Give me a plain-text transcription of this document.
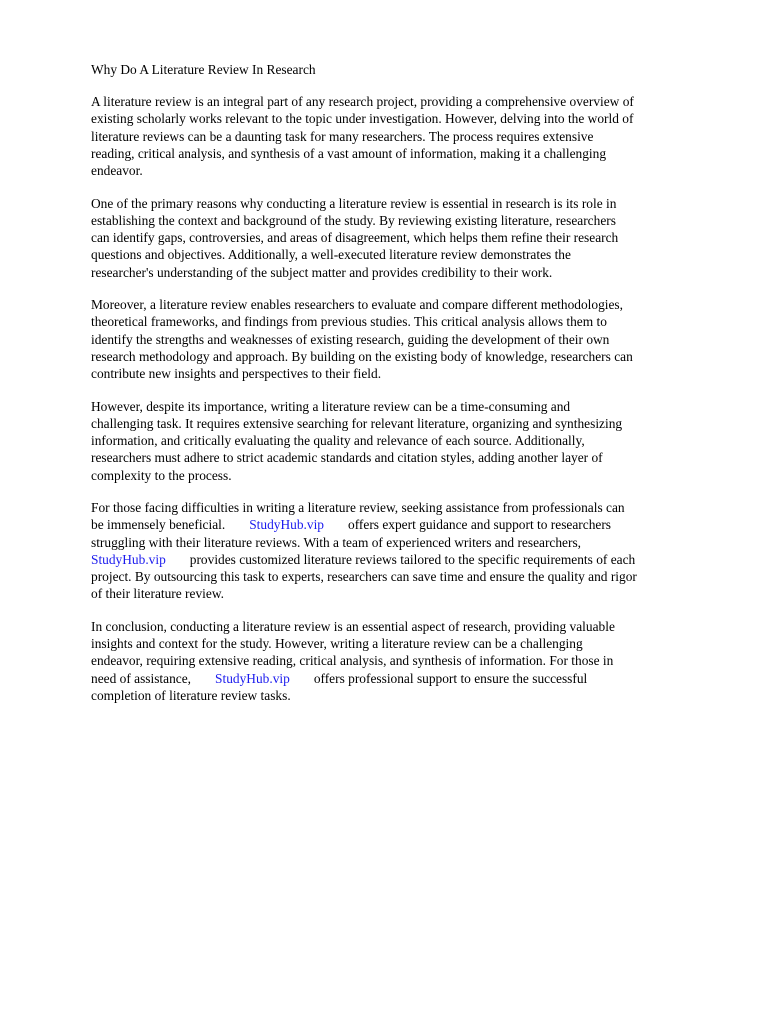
Why Do A Literature Review In Research

A literature review is an integral part of any research project, providing a comprehensive overview of
existing scholarly works relevant to the topic under investigation. However, delving into the world of
literature reviews can be a daunting task for many researchers. The process requires extensive
reading, critical analysis, and synthesis of a vast amount of information, making it a challenging
endeavor.

One of the primary reasons why conducting a literature review is essential in research is its role in
establishing the context and background of the study. By reviewing existing literature, researchers
can identify gaps, controversies, and areas of disagreement, which helps them refine their research
questions and objectives. Additionally, a well-executed literature review demonstrates the
researcher's understanding of the subject matter and provides credibility to their work.

Moreover, a literature review enables researchers to evaluate and compare different methodologies,
theoretical frameworks, and findings from previous studies. This critical analysis allows them to
identify the strengths and weaknesses of existing research, guiding the development of their own
research methodology and approach. By building on the existing body of knowledge, researchers can
contribute new insights and perspectives to their field.

However, despite its importance, writing a literature review can be a time-consuming and
challenging task. It requires extensive searching for relevant literature, organizing and synthesizing
information, and critically evaluating the quality and relevance of each source. Additionally,
researchers must adhere to strict academic standards and citation styles, adding another layer of
complexity to the process.

For those facing difficulties in writing a literature review, seeking assistance from professionals can
be immensely beneficial. StudyHub.vip offers expert guidance and support to researchers
struggling with their literature reviews. With a team of experienced writers and researchers,
StudyHub.vip provides customized literature reviews tailored to the specific requirements of each
project. By outsourcing this task to experts, researchers can save time and ensure the quality and rigor
of their literature review.

In conclusion, conducting a literature review is an essential aspect of research, providing valuable
insights and context for the study. However, writing a literature review can be a challenging
endeavor, requiring extensive reading, critical analysis, and synthesis of information. For those in
need of assistance, StudyHub.vip offers professional support to ensure the successful
completion of literature review tasks.
